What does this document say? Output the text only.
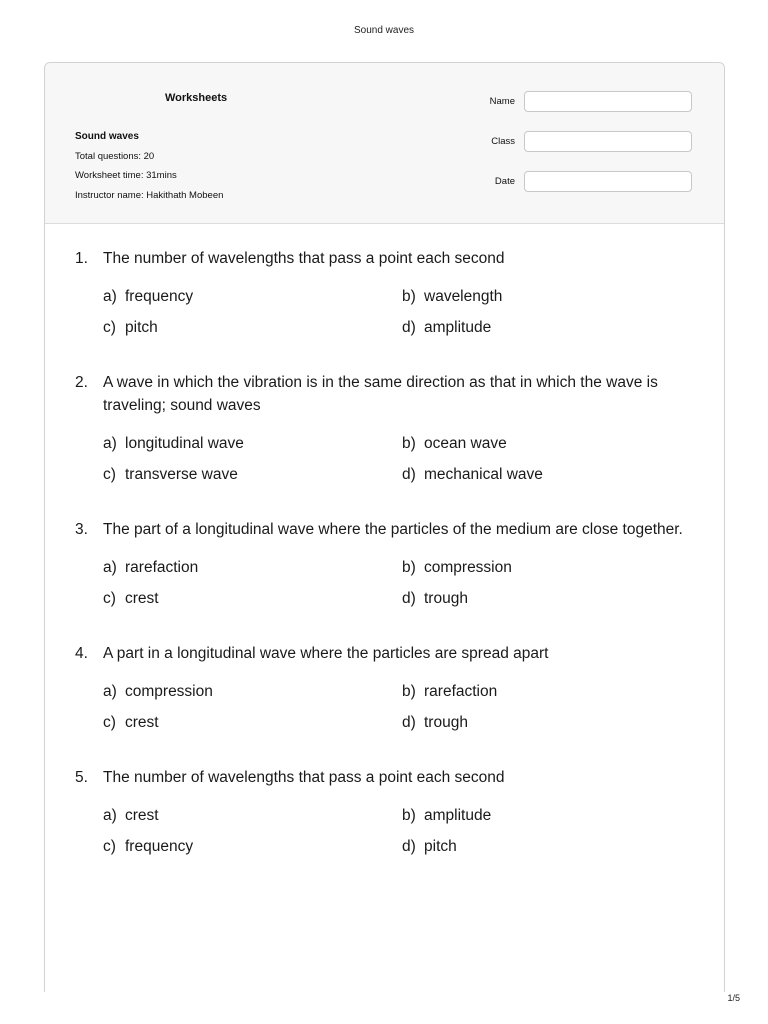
Sound waves
Worksheets
Sound waves
Total questions: 20
Worksheet time: 31mins
Instructor name: Hakithath Mobeen
Name
Class
Date
1. The number of wavelengths that pass a point each second
a) frequency	b) wavelength
c) pitch	d) amplitude
2. A wave in which the vibration is in the same direction as that in which the wave is traveling; sound waves
a) longitudinal wave	b) ocean wave
c) transverse wave	d) mechanical wave
3. The part of a longitudinal wave where the particles of the medium are close together.
a) rarefaction	b) compression
c) crest	d) trough
4. A part in a longitudinal wave where the particles are spread apart
a) compression	b) rarefaction
c) crest	d) trough
5. The number of wavelengths that pass a point each second
a) crest	b) amplitude
c) frequency	d) pitch
1/5
